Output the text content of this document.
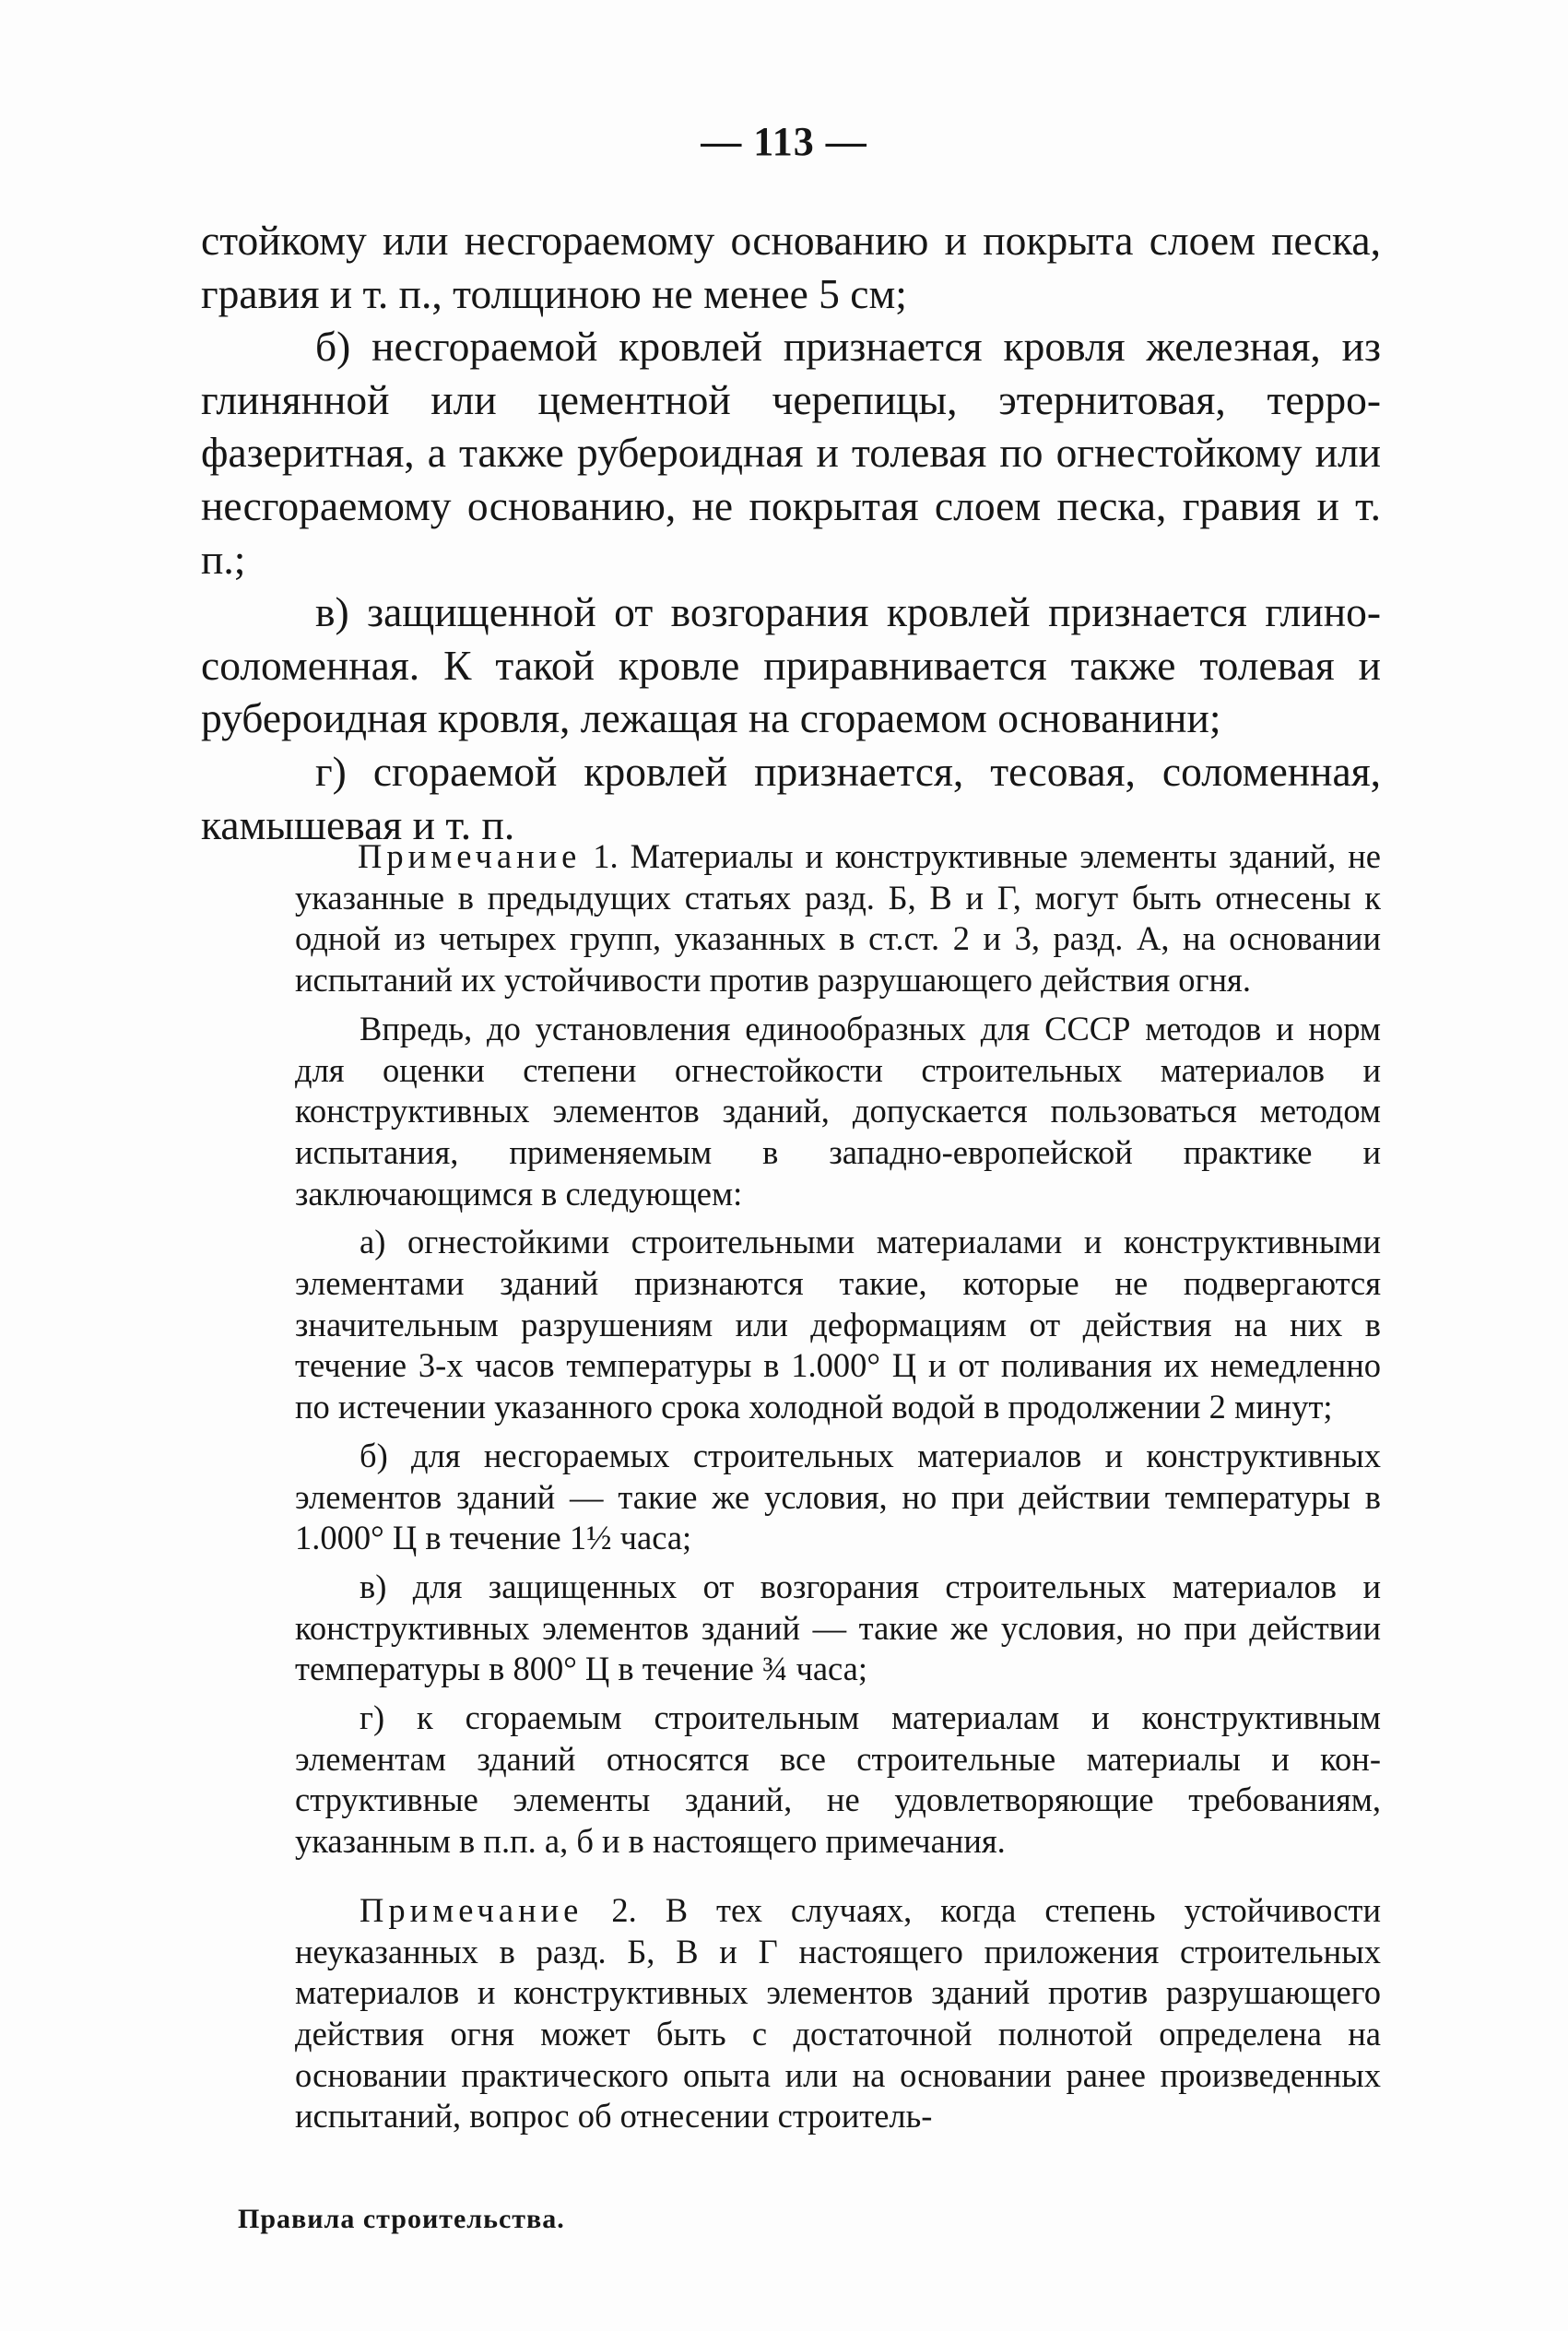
— 113 —

стойкому или несгораемому основанию и покрыта слоем песка, гравия и т. п., толщиною не менее 5 см;

б) несгораемой кровлей признается кровля железная, из глинянной или цементной черепицы, этернитовая, террофазеритная, а также рубероидная и толевая по огнестойкому или несгораемому основанию, не покрытая слоем песка, гравия и т. п.;

в) защищенной от возгорания кровлей признается глиносоломенная. К такой кровле приравнивается также толевая и рубероидная кровля, лежащая на сгораемом основанини;

г) сгораемой кровлей признается, тесовая, соломенная, камышевая и т. п.

Примечание 1. Материалы и конструктивные элементы зданий, не указанные в предыдущих статьях разд. Б, В и Г, могут быть отнесены к одной из четырех групп, указанных в ст.ст. 2 и 3, разд. А, на основании испытаний их устойчивости против разрушающего действия огня.

Впредь, до установления единообразных для СССР методов и норм для оценки степени огнестойкости строительных материалов и конструктивных элементов зданий, допускается пользоваться методом испытания, применяемым в западно-европейской практике и заключающимся в следующем:

а) огнестойкими строительными материалами и конструктивными элементами зданий признаются такие, которые не подвергаются значительным разрушениям или деформациям от действия на них в течение 3-х часов температуры в 1.000° Ц и от поливания их немедленно по истечении указанного срока холодной водой в продолжении 2 минут;

б) для несгораемых строительных материалов и конструктивных элементов зданий — такие же условия, но при действии температуры в 1.000° Ц в течение 1½ часа;

в) для защищенных от возгорания строительных материалов и конструктивных элементов зданий — такие же условия, но при действии температуры в 800° Ц в течение ¾ часа;

г) к сгораемым строительным материалам и конструктивным элементам зданий относятся все строительные материалы и конструктивные элементы зданий, не удовлетворяющие требованиям, указанным в п.п. а, б и в настоящего примечания.

Примечание 2. В тех случаях, когда степень устойчивости неуказанных в разд. Б, В и Г настоящего приложения строительных материалов и конструктивных элементов зданий против разрушающего действия огня может быть с достаточной полнотой определена на основании практического опыта или на основании ранее произведенных испытаний, вопрос об отнесении строитель-

Правила строительства.
